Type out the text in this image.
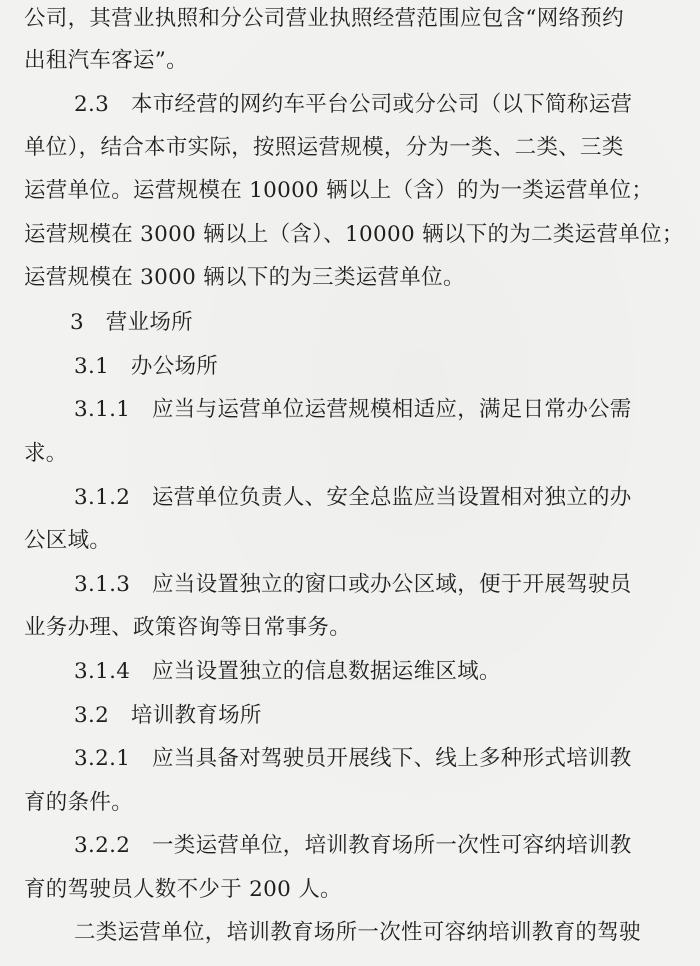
公司，其营业执照和分公司营业执照经营范围应包含“网络预约
出租汽车客运”。
2.3　本市经营的网约车平台公司或分公司（以下简称运营
单位），结合本市实际，按照运营规模，分为一类、二类、三类
运营单位。运营规模在 10000 辆以上（含）的为一类运营单位；
运营规模在 3000 辆以上（含）、10000 辆以下的为二类运营单位；
运营规模在 3000 辆以下的为三类运营单位。
3　营业场所
3.1　办公场所
3.1.1　应当与运营单位运营规模相适应，满足日常办公需
求。
3.1.2　运营单位负责人、安全总监应当设置相对独立的办
公区域。
3.1.3　应当设置独立的窗口或办公区域，便于开展驾驶员
业务办理、政策咨询等日常事务。
3.1.4　应当设置独立的信息数据运维区域。
3.2　培训教育场所
3.2.1　应当具备对驾驶员开展线下、线上多种形式培训教
育的条件。
3.2.2　一类运营单位，培训教育场所一次性可容纳培训教
育的驾驶员人数不少于 200 人。
二类运营单位，培训教育场所一次性可容纳培训教育的驾驶
